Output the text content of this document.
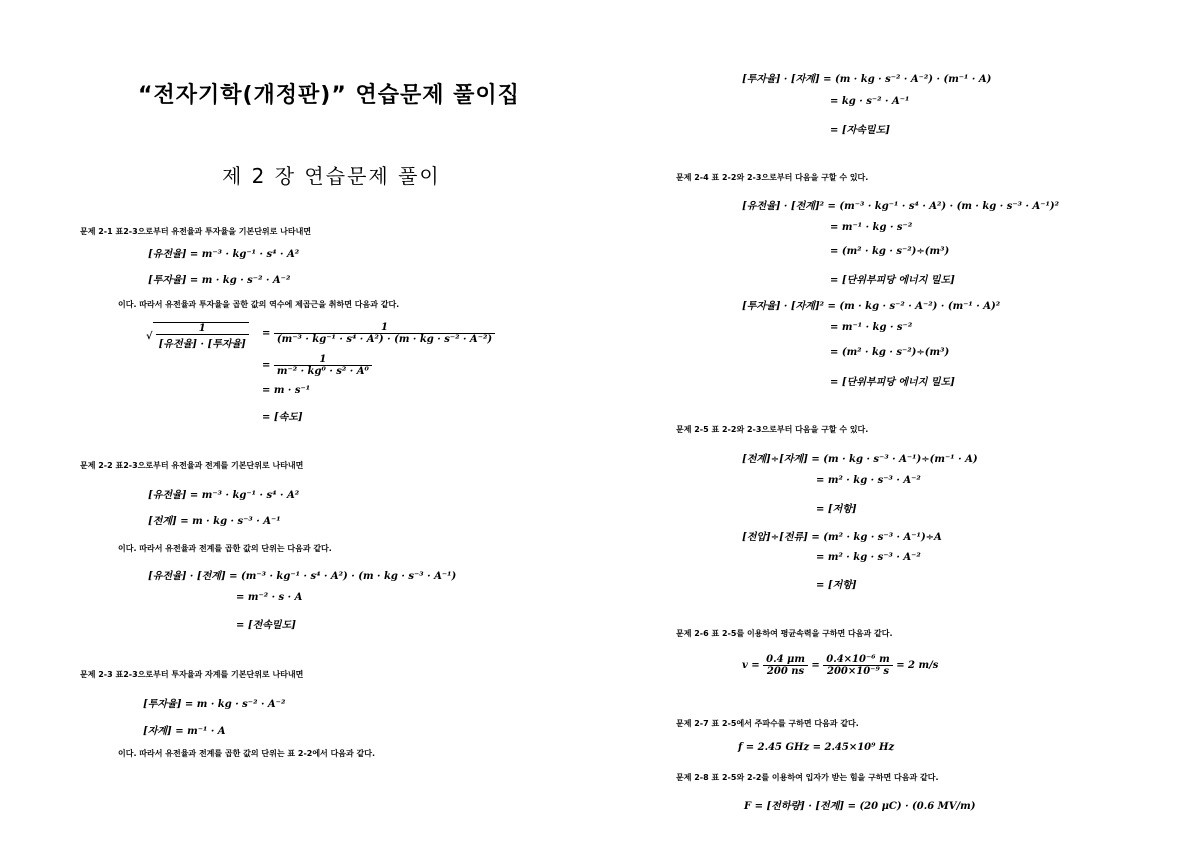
“전자기학(개정판)” 연습문제 풀이집
제 2 장 연습문제 풀이
문제 2-1 표2-3으로부터 유전율과 투자율을 기본단위로 나타내면
[유전율] = m⁻³ · kg⁻¹ · s⁴ · A²
[투자율] = m · kg · s⁻² · A⁻²
이다. 따라서 유전율과 투자율을 곱한 값의 역수에 제곱근을 취하면 다음과 같다.
√ $\frac{1}{\text{[유전율] · [투자율]}} = \frac{1}{\text{(m⁻³ · kg⁻¹ · s⁴ · A²) · (m · kg · s⁻² · A⁻²)}}$
= $\frac{1}{\text{m⁻² · kg⁰ · s² · A⁰}}$
= m · s⁻¹
= [속도]
문제 2-2 표2-3으로부터 유전율과 전계를 기본단위로 나타내면
[유전율] = m⁻³ · kg⁻¹ · s⁴ · A²
[전계] = m · kg · s⁻³ · A⁻¹
이다. 따라서 유전율과 전계를 곱한 값의 단위는 다음과 같다.
[유전율] · [전계] = (m⁻³ · kg⁻¹ · s⁴ · A²) · (m · kg · s⁻³ · A⁻¹)
= m⁻² · s · A
= [전속밀도]
문제 2-3 표2-3으로부터 투자율과 자계를 기본단위로 나타내면
[투자율] = m · kg · s⁻² · A⁻²
[자계] = m⁻¹ · A
이다. 따라서 유전율과 전계를 곱한 값의 단위는 표 2-2에서 다음과 같다.
[투자율] · [자계] = (m · kg · s⁻² · A⁻²) · (m⁻¹ · A)
= kg · s⁻² · A⁻¹
= [자속밀도]
문제 2-4 표 2-2와 2-3으로부터 다음을 구할 수 있다.
[유전율] · [전계]² = (m⁻³ · kg⁻¹ · s⁴ · A²) · (m · kg · s⁻³ · A⁻¹)²
= m⁻¹ · kg · s⁻²
= (m² · kg · s⁻²)÷(m³)
= [단위부피당 에너지 밀도]
[투자율] · [자계]² = (m · kg · s⁻² · A⁻²) · (m⁻¹ · A)²
= m⁻¹ · kg · s⁻²
= (m² · kg · s⁻²)÷(m³)
= [단위부피당 에너지 밀도]
문제 2-5 표 2-2와 2-3으로부터 다음을 구할 수 있다.
[전계]÷[자계] = (m · kg · s⁻³ · A⁻¹)÷(m⁻¹ · A)
= m² · kg · s⁻³ · A⁻²
= [저항]
[전압]÷[전류] = (m² · kg · s⁻³ · A⁻¹)÷A
= m² · kg · s⁻³ · A⁻²
= [저항]
문제 2-6 표 2-5를 이용하여 평균속력을 구하면 다음과 같다.
$v = \frac{0.4 \mu m}{200 ns} = \frac{\text{0.4×10⁻⁶ m}}{\text{200×10⁻⁹ s}} = 2$ m/s
문제 2-7 표 2-5에서 주파수를 구하면 다음과 같다.
f = 2.45 GHz = 2.45×10⁹ Hz
문제 2-8 표 2-5와 2-2를 이용하여 입자가 받는 힘을 구하면 다음과 같다.
F = [전하량] · [전계] = (20 μC) · (0.6 MV/m)
